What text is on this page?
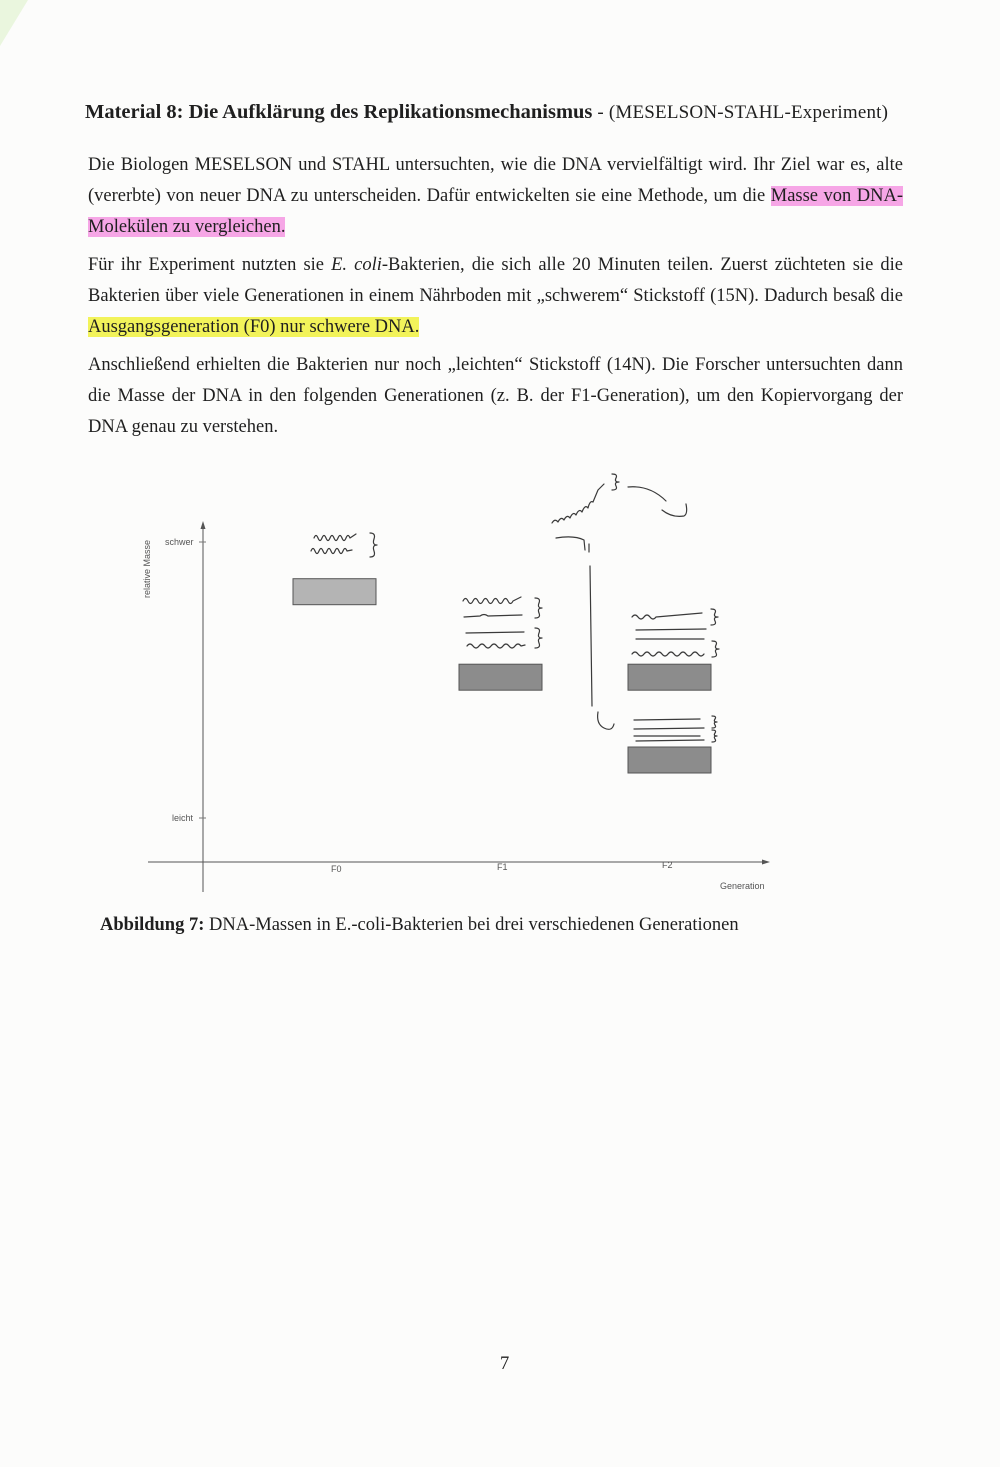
Material 8: Die Aufklärung des Replikationsmechanismus - (MESELSON-STAHL-Experiment)
Die Biologen MESELSON und STAHL untersuchten, wie die DNA vervielfältigt wird. Ihr Ziel war es, alte (vererbte) von neuer DNA zu unterscheiden. Dafür entwickelten sie eine Methode, um die Masse von DNA-Molekülen zu vergleichen.
Für ihr Experiment nutzten sie E. coli-Bakterien, die sich alle 20 Minuten teilen. Zuerst züchteten sie die Bakterien über viele Generationen in einem Nährboden mit „schwerem“ Stickstoff (15N). Dadurch besaß die Ausgangsgeneration (F0) nur schwere DNA.
Anschließend erhielten die Bakterien nur noch „leichten“ Stickstoff (14N). Die Forscher untersuchten dann die Masse der DNA in den folgenden Generationen (z. B. der F1-Generation), um den Kopiervorgang der DNA genau zu verstehen.
relative Masse schwer
leicht
F0	F1	F2
Generation
Abbildung 7: DNA-Massen in E.-coli-Bakterien bei drei verschiedenen Generationen
7
